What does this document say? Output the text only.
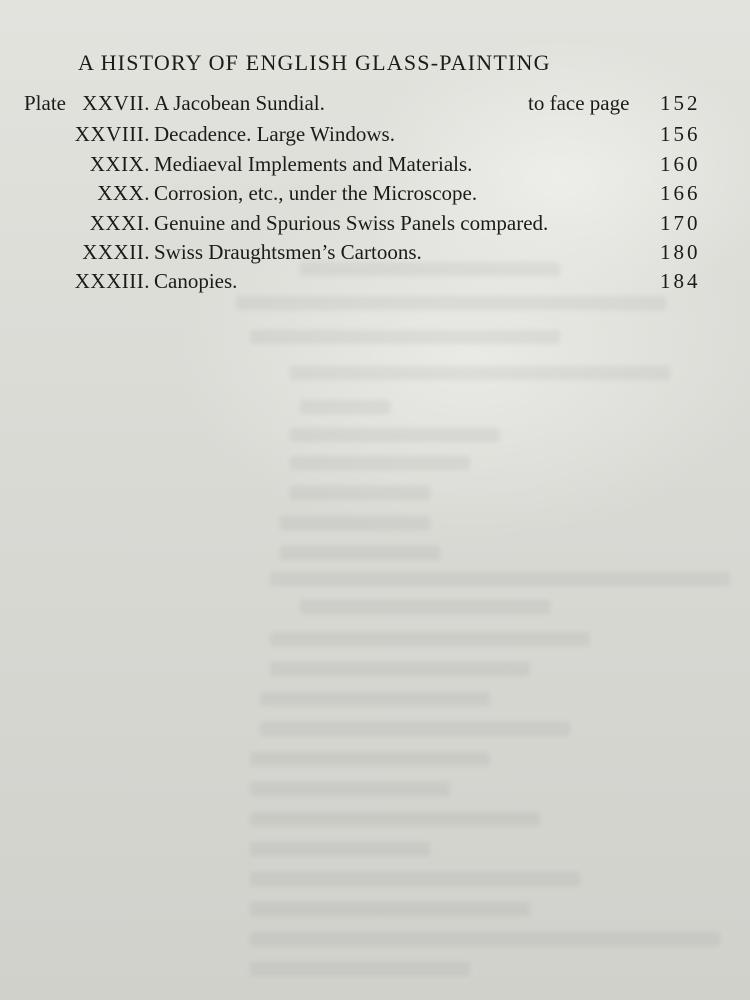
A HISTORY OF ENGLISH GLASS-PAINTING
Plate XXVII. A Jacobean Sundial.	to face page 152
XXVIII. Decadence. Large Windows.	156
XXIX. Mediaeval Implements and Materials.	160
XXX. Corrosion, etc., under the Microscope.	166
XXXI. Genuine and Spurious Swiss Panels compared.	170
XXXII. Swiss Draughtsmen’s Cartoons.	180
XXXIII. Canopies.	184
